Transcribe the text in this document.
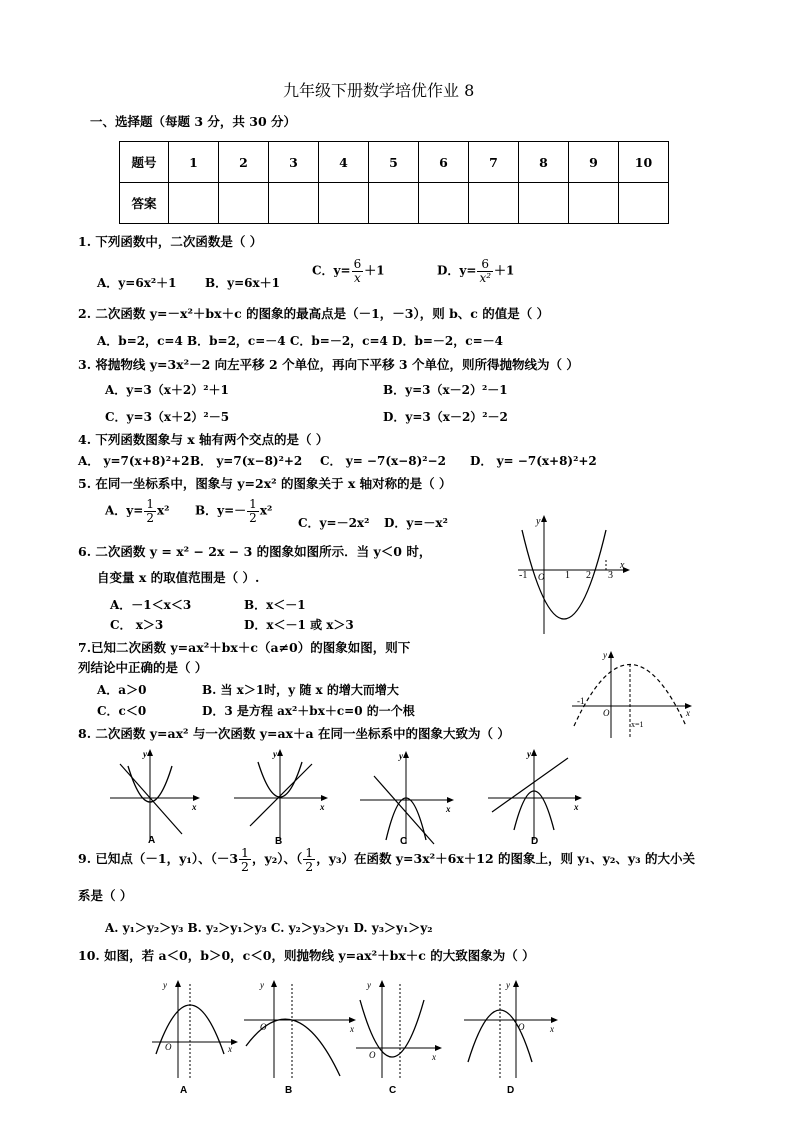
九年级下册数学培优作业 8
一、选择题（每题 3 分，共 30 分）
题号	1	2	3	4	5	6	7	8	9	10
答案										
1. 下列函数中，二次函数是（ ）
A．y=6x²＋1 B．y=6x＋1
C．$y= \frac{6}{x} +1$	D．$y= \frac{6}{\text{x²}} +1$
2. 二次函数 y=－x²＋bx＋c 的图象的最高点是（－1，－3），则 b、c 的值是（ ）
A．b=2，c=4 B．b=2，c=－4 C．b=－2，c=4 D．b=－2，c=－4
3. 将抛物线 y=3x²－2 向左平移 2 个单位，再向下平移 3 个单位，则所得抛物线为（ ）
A．y=3（x＋2）²＋1	B．y=3（x－2）²－1
C．y=3（x＋2）²－5	D．y=3（x－2）²－2
4. 下列函数图象与 x 轴有两个交点的是（ ）
A． y=7(x+8)²+2 B． y=7(x−8)²+2 C． y= −7(x−8)²−2 D． y= −7(x+8)²+2
5. 在同一坐标系中，图象与 y=2x² 的图象关于 x 轴对称的是（ ）
A．$y= \frac{1}{2} x^2$ B．$y=- \frac{1}{2} x^2$
C．y=－2x² D．y=－x²
6. 二次函数 y = x² − 2x − 3 的图象如图所示．当 y＜0 时，
自变量 x 的取值范围是（ ）.
A．－1＜x＜3	B．x＜－1
C． x＞3	D．x＜－1 或 x＞3
y
x
-1 O 1 2 3
7.已知二次函数 y=ax²＋bx＋c（a≠0）的图象如图，则下
列结论中正确的是（ ）
A．a＞0	B. 当 x＞1时，y 随 x 的增大而增大
C．c＜0	D．3 是方程 ax²＋bx＋c=0 的一个根
y
x
-1
O
x=1
8. 二次函数 y=ax² 与一次函数 y=ax＋a 在同一坐标系中的图象大致为（ ）
y
x
A
y
x
B
y
x
C
y
x
D
9. 已知点（－1，y₁）、（$-3 \frac{1}{2}$ ，y₂）、（ $\frac{1}{2}$ ，y₃）在函数 y=3x²＋6x＋12 的图象上，则 y₁、y₂、y₃ 的大小关
系是（ ）
A. y₁＞y₂＞y₃ B. y₂＞y₁＞y₃ C. y₂＞y₃＞y₁ D. y₃＞y₁＞y₂
10. 如图，若 a＜0，b＞0，c＜0，则抛物线 y=ax²＋bx＋c 的大致图象为（ ）
y
x
O
A
y
x
O
B
y
x
O
C
y
x
O
D
